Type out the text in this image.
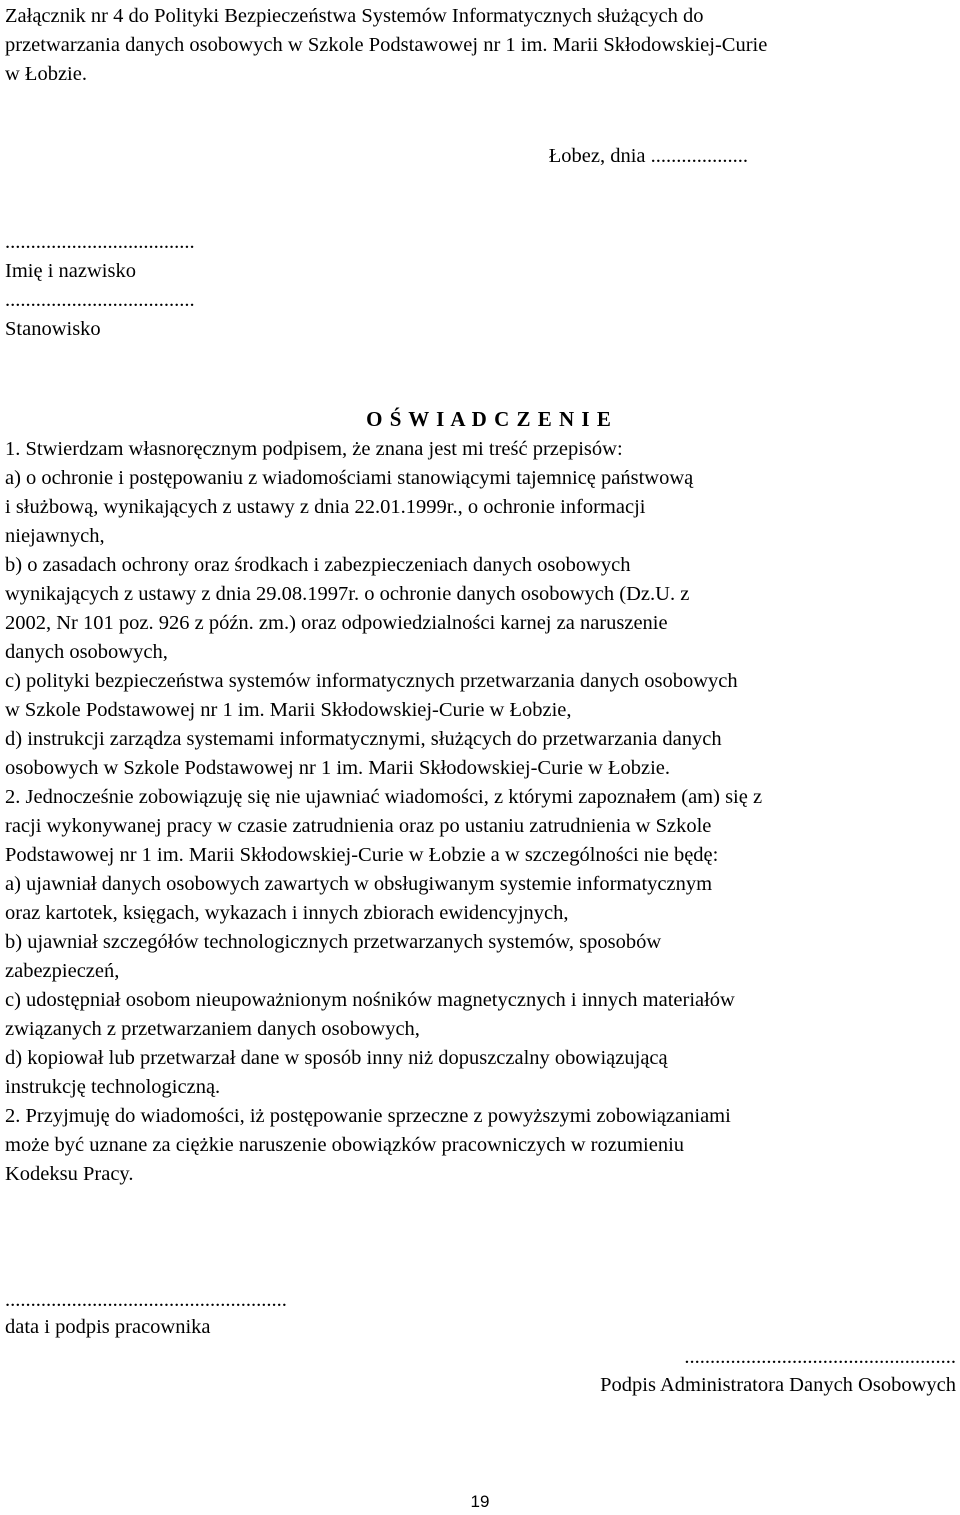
Załącznik nr 4 do Polityki Bezpieczeństwa Systemów Informatycznych służących do
przetwarzania danych osobowych w Szkole Podstawowej nr 1 im. Marii Skłodowskiej-Curie
w Łobzie.
Łobez, dnia ...................
.....................................
Imię i nazwisko
.....................................
Stanowisko
O Ś W I A D C Z E N I E
1. Stwierdzam własnoręcznym podpisem, że znana jest mi treść przepisów:
a) o ochronie i postępowaniu z wiadomościami stanowiącymi tajemnicę państwową
i służbową, wynikających z ustawy z dnia 22.01.1999r., o ochronie informacji
niejawnych,
b) o zasadach ochrony oraz środkach i zabezpieczeniach danych osobowych
wynikających z ustawy z dnia 29.08.1997r. o ochronie danych osobowych (Dz.U. z
2002, Nr 101 poz. 926 z późn. zm.) oraz odpowiedzialności karnej za naruszenie
danych osobowych,
c) polityki bezpieczeństwa systemów informatycznych przetwarzania danych osobowych
w Szkole Podstawowej nr 1 im. Marii Skłodowskiej-Curie w Łobzie,
d) instrukcji zarządza systemami informatycznymi, służących do przetwarzania danych
osobowych w Szkole Podstawowej nr 1 im. Marii Skłodowskiej-Curie w Łobzie.
2. Jednocześnie zobowiązuję się nie ujawniać wiadomości, z którymi zapoznałem (am) się z
racji wykonywanej pracy w czasie zatrudnienia oraz po ustaniu zatrudnienia w Szkole
Podstawowej nr 1 im. Marii Skłodowskiej-Curie w Łobzie a w szczególności nie będę:
a) ujawniał danych osobowych zawartych w obsługiwanym systemie informatycznym
oraz kartotek, księgach, wykazach i innych zbiorach ewidencyjnych,
b) ujawniał szczegółów technologicznych przetwarzanych systemów, sposobów
zabezpieczeń,
c) udostępniał osobom nieupoważnionym nośników magnetycznych i innych materiałów
związanych z przetwarzaniem danych osobowych,
d) kopiował lub przetwarzał dane w sposób inny niż dopuszczalny obowiązującą
instrukcję technologiczną.
2. Przyjmuję do wiadomości, iż postępowanie sprzeczne z powyższymi zobowiązaniami
może być uznane za ciężkie naruszenie obowiązków pracowniczych w rozumieniu
Kodeksu Pracy.
.......................................................
data i podpis pracownika
.....................................................
Podpis Administratora Danych Osobowych
19
